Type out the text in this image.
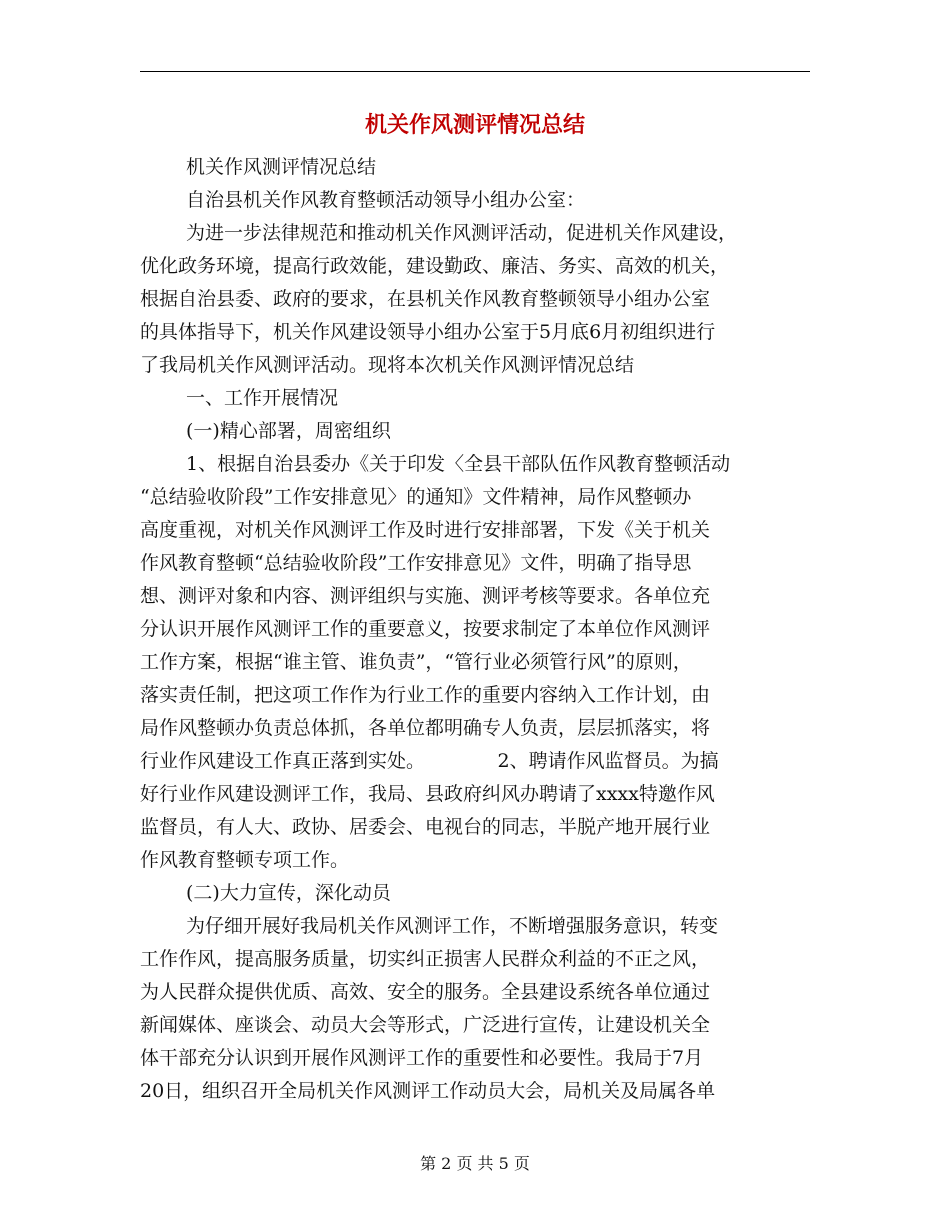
机关作风测评情况总结
机关作风测评情况总结
自治县机关作风教育整顿活动领导小组办公室：
为进一步法律规范和推动机关作风测评活动，促进机关作风建设，
优化政务环境，提高行政效能，建设勤政、廉洁、务实、高效的机关，
根据自治县委、政府的要求，在县机关作风教育整顿领导小组办公室
的具体指导下，机关作风建设领导小组办公室于5月底6月初组织进行
了我局机关作风测评活动。现将本次机关作风测评情况总结
一、工作开展情况
(一)精心部署，周密组织
1、根据自治县委办《关于印发〈全县干部队伍作风教育整顿活动
“总结验收阶段”工作安排意见〉的通知》文件精神，局作风整顿办
高度重视，对机关作风测评工作及时进行安排部署，下发《关于机关
作风教育整顿“总结验收阶段”工作安排意见》文件，明确了指导思
想、测评对象和内容、测评组织与实施、测评考核等要求。各单位充
分认识开展作风测评工作的重要意义，按要求制定了本单位作风测评
工作方案，根据“谁主管、谁负责”，“管行业必须管行风”的原则，
落实责任制，把这项工作作为行业工作的重要内容纳入工作计划，由
局作风整顿办负责总体抓，各单位都明确专人负责，层层抓落实，将
行业作风建设工作真正落到实处。            2、聘请作风监督员。为搞
好行业作风建设测评工作，我局、县政府纠风办聘请了xxxx特邀作风
监督员，有人大、政协、居委会、电视台的同志，半脱产地开展行业
作风教育整顿专项工作。
(二)大力宣传，深化动员
为仔细开展好我局机关作风测评工作，不断增强服务意识，转变
工作作风，提高服务质量，切实纠正损害人民群众利益的不正之风，
为人民群众提供优质、高效、安全的服务。全县建设系统各单位通过
新闻媒体、座谈会、动员大会等形式，广泛进行宣传，让建设机关全
体干部充分认识到开展作风测评工作的重要性和必要性。我局于7月
20日，组织召开全局机关作风测评工作动员大会，局机关及局属各单
第 2 页 共 5 页
